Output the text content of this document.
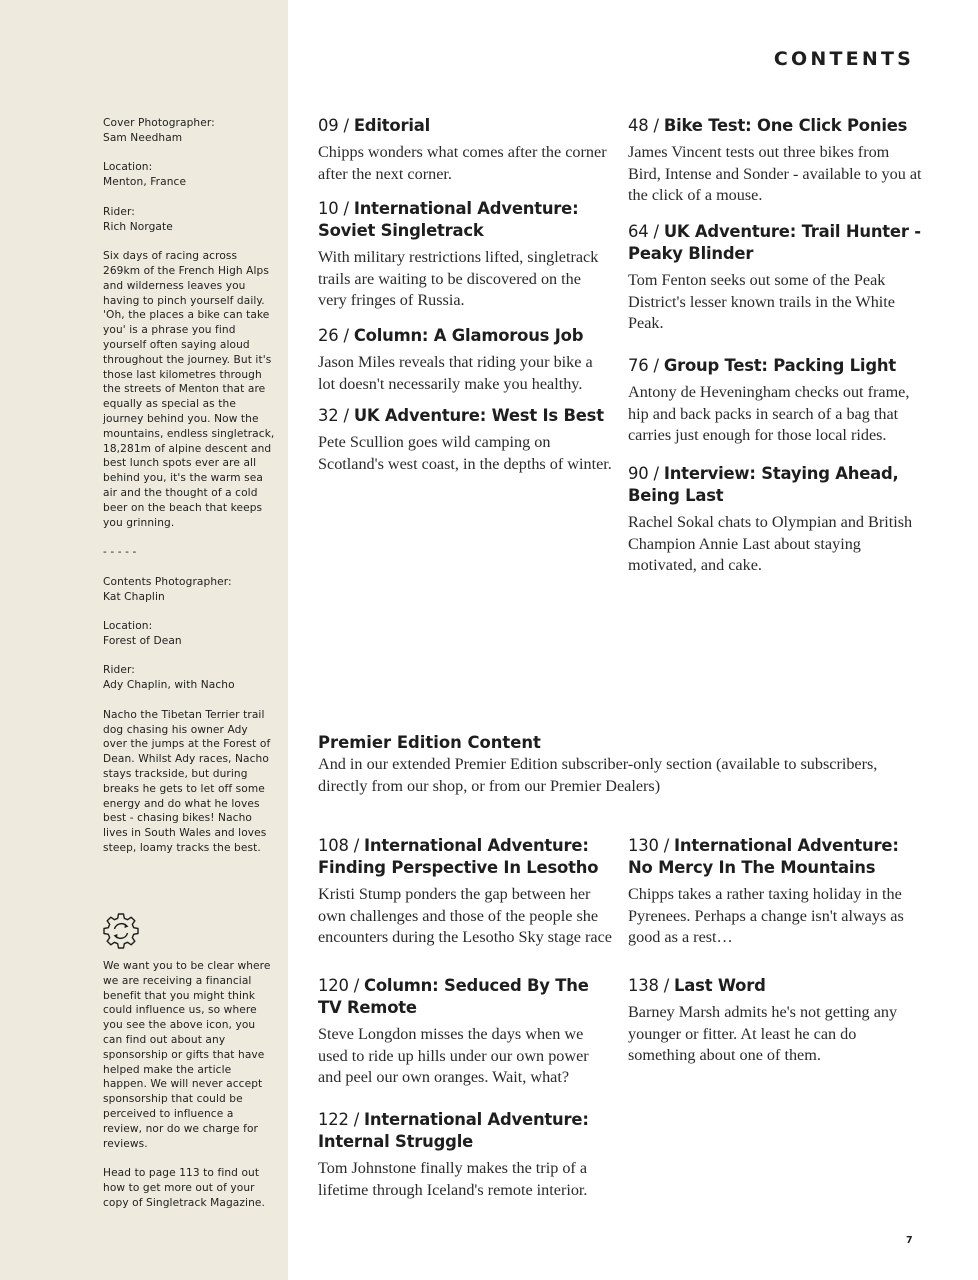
Cover Photographer:
Sam Needham

Location:
Menton, France

Rider:
Rich Norgate

Six days of racing across 269km of the French High Alps and wilderness leaves you having to pinch yourself daily. 'Oh, the places a bike can take you' is a phrase you find yourself often saying aloud throughout the journey. But it's those last kilometres through the streets of Menton that are equally as special as the journey behind you. Now the mountains, endless singletrack, 18,281m of alpine descent and best lunch spots ever are all behind you, it's the warm sea air and the thought of a cold beer on the beach that keeps you grinning.

- - - - -

Contents Photographer:
Kat Chaplin

Location:
Forest of Dean

Rider:
Ady Chaplin, with Nacho

Nacho the Tibetan Terrier trail dog chasing his owner Ady over the jumps at the Forest of Dean. Whilst Ady races, Nacho stays trackside, but during breaks he gets to let off some energy and do what he loves best - chasing bikes! Nacho lives in South Wales and loves steep, loamy tracks the best.

We want you to be clear where we are receiving a financial benefit that you might think could influence us, so where you see the above icon, you can find out about any sponsorship or gifts that have helped make the article happen. We will never accept sponsorship that could be perceived to influence a review, nor do we charge for reviews.

Head to page 113 to find out how to get more out of your copy of Singletrack Magazine.

CONTENTS
09 / Editorial

Chipps wonders what comes after the corner after the next corner.

10 / International Adventure: Soviet Singletrack

With military restrictions lifted, singletrack trails are waiting to be discovered on the very fringes of Russia.

26 / Column: A Glamorous Job

Jason Miles reveals that riding your bike a lot doesn't necessarily make you healthy.

32 / UK Adventure: West Is Best

Pete Scullion goes wild camping on Scotland's west coast, in the depths of winter.

48 / Bike Test: One Click Ponies

James Vincent tests out three bikes from Bird, Intense and Sonder - available to you at the click of a mouse.

64 / UK Adventure: Trail Hunter - Peaky Blinder

Tom Fenton seeks out some of the Peak District's lesser known trails in the White Peak.

76 / Group Test: Packing Light

Antony de Heveningham checks out frame, hip and back packs in search of a bag that carries just enough for those local rides.

90 / Interview: Staying Ahead, Being Last

Rachel Sokal chats to Olympian and British Champion Annie Last about staying motivated, and cake.

Premier Edition Content

And in our extended Premier Edition subscriber-only section (available to subscribers, directly from our shop, or from our Premier Dealers)

108 / International Adventure: Finding Perspective In Lesotho

Kristi Stump ponders the gap between her own challenges and those of the people she encounters during the Lesotho Sky stage race

120 / Column: Seduced By The TV Remote

Steve Longdon misses the days when we used to ride up hills under our own power and peel our own oranges. Wait, what?

122 / International Adventure: Internal Struggle

Tom Johnstone finally makes the trip of a lifetime through Iceland's remote interior.

130 / International Adventure: No Mercy In The Mountains

Chipps takes a rather taxing holiday in the Pyrenees. Perhaps a change isn't always as good as a rest…

138 / Last Word

Barney Marsh admits he's not getting any younger or fitter. At least he can do something about one of them.

7
